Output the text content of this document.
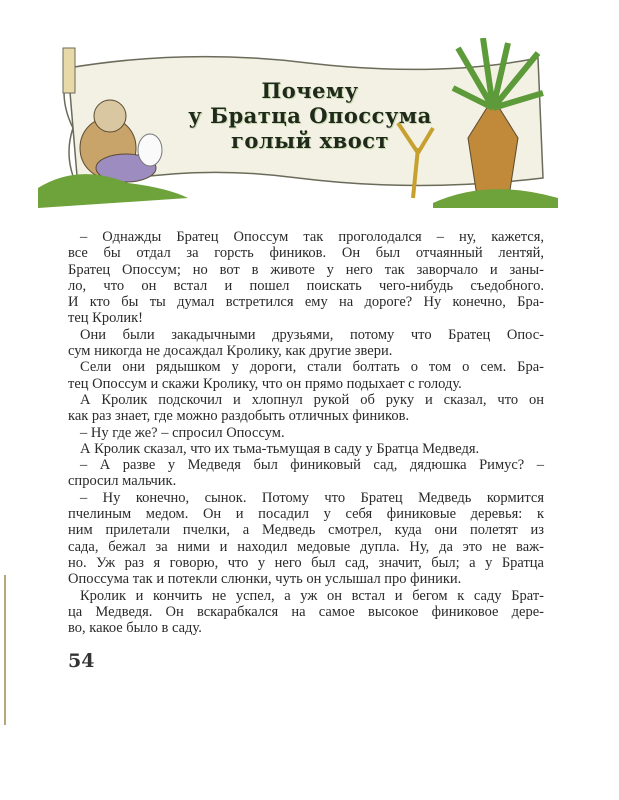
Почему
у Братца Опоссума
голый хвост
– Однажды Братец Опоссум так проголодался – ну, кажется,
все бы отдал за горсть фиников. Он был отчаянный лентяй,
Братец Опоссум; но вот в животе у него так заворчало и заны-
ло, что он встал и пошел поискать чего-нибудь съедобного.
И кто бы ты думал встретился ему на дороге? Ну конечно, Бра-
тец Кролик!
Они были закадычными друзьями, потому что Братец Опос-
сум никогда не досаждал Кролику, как другие звери.
Сели они рядышком у дороги, стали болтать о том о сем. Бра-
тец Опоссум и скажи Кролику, что он прямо подыхает с голоду.
А Кролик подскочил и хлопнул рукой об руку и сказал, что он
как раз знает, где можно раздобыть отличных фиников.
– Ну где же? – спросил Опоссум.
А Кролик сказал, что их тьма-тьмущая в саду у Братца Медведя.
– А разве у Медведя был финиковый сад, дядюшка Римус? –
спросил мальчик.
– Ну конечно, сынок. Потому что Братец Медведь кормится
пчелиным медом. Он и посадил у себя финиковые деревья: к
ним прилетали пчелки, а Медведь смотрел, куда они полетят из
сада, бежал за ними и находил медовые дупла. Ну, да это не важ-
но. Уж раз я говорю, что у него был сад, значит, был; а у Братца
Опоссума так и потекли слюнки, чуть он услышал про финики.
Кролик и кончить не успел, а уж он встал и бегом к саду Брат-
ца Медведя. Он вскарабкался на самое высокое финиковое дере-
во, какое было в саду.
54
